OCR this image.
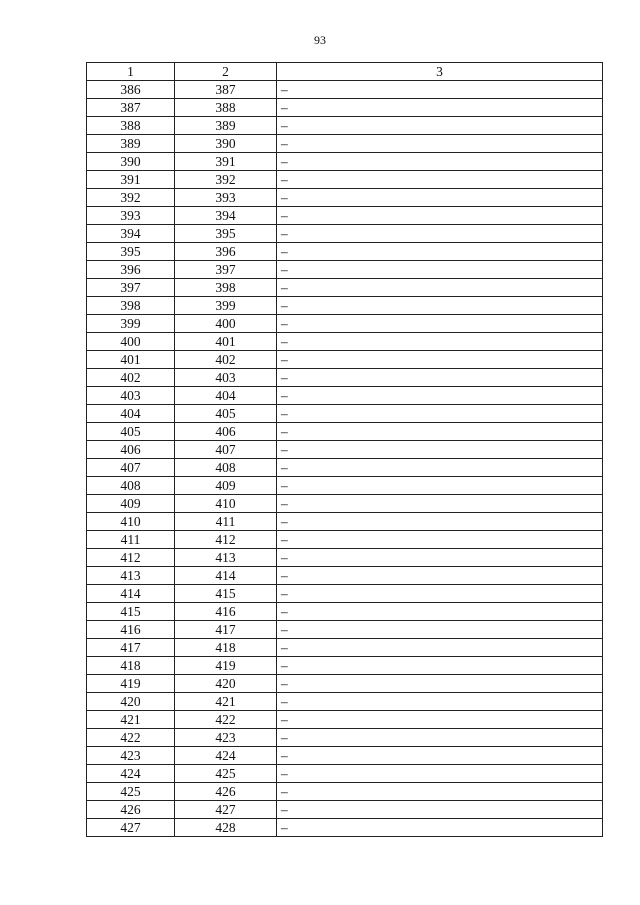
93
1	2	3
386	387	–
387	388	–
388	389	–
389	390	–
390	391	–
391	392	–
392	393	–
393	394	–
394	395	–
395	396	–
396	397	–
397	398	–
398	399	–
399	400	–
400	401	–
401	402	–
402	403	–
403	404	–
404	405	–
405	406	–
406	407	–
407	408	–
408	409	–
409	410	–
410	411	–
411	412	–
412	413	–
413	414	–
414	415	–
415	416	–
416	417	–
417	418	–
418	419	–
419	420	–
420	421	–
421	422	–
422	423	–
423	424	–
424	425	–
425	426	–
426	427	–
427	428	–
